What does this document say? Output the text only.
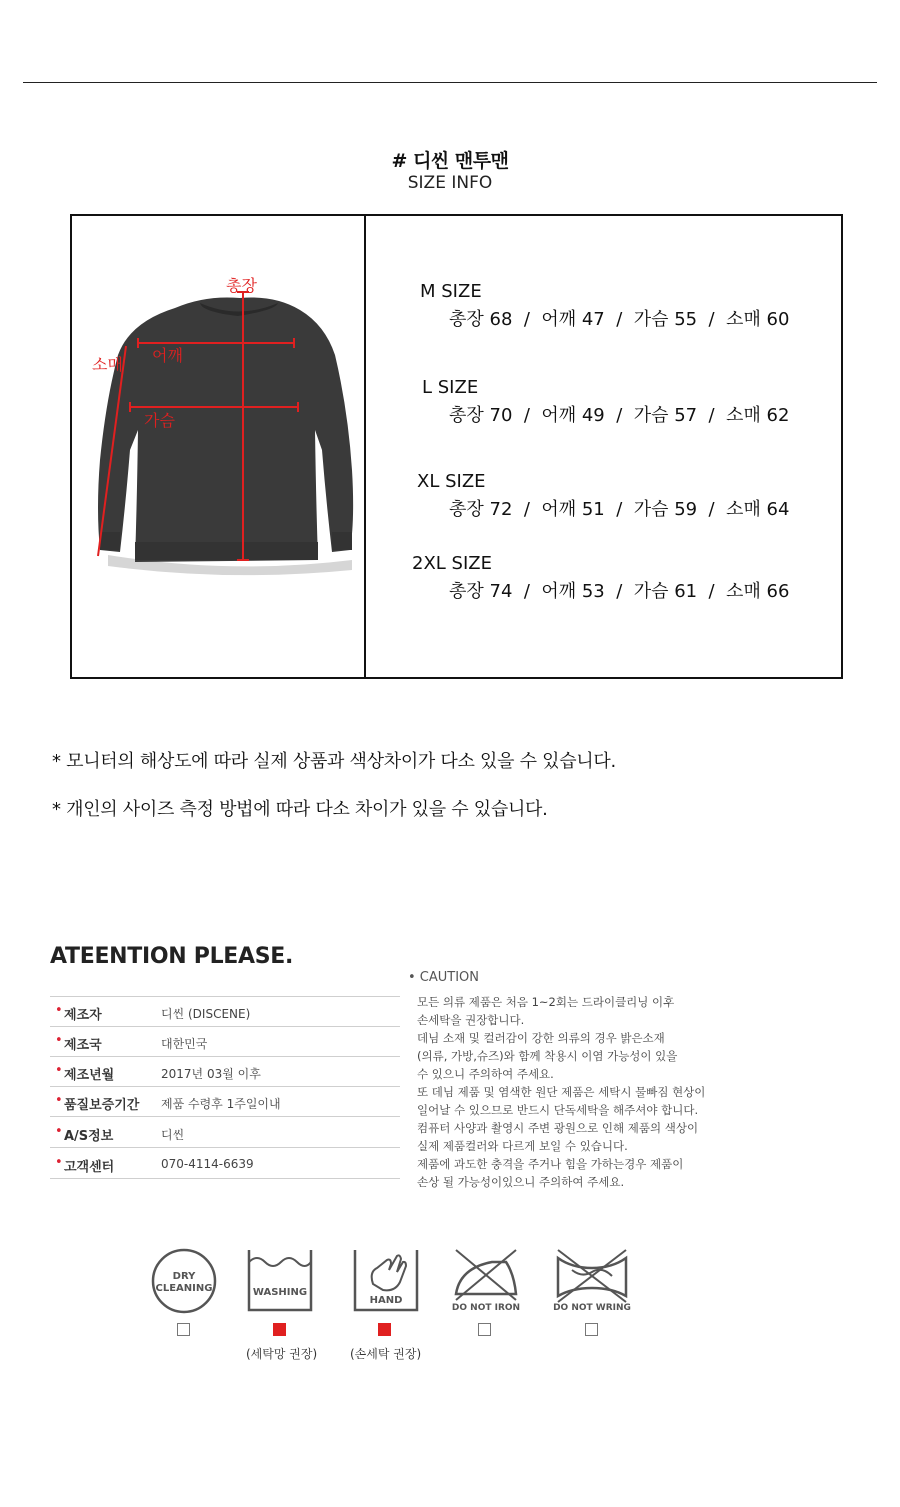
# 디씬 맨투맨
SIZE INFO
총장
소매 어깨
가슴
M SIZE
총장 68  /  어깨 47  /  가슴 55  /  소매 60
L SIZE
총장 70  /  어깨 49  /  가슴 57  /  소매 62
XL SIZE
총장 72  /  어깨 51  /  가슴 59  /  소매 64
2XL SIZE
총장 74  /  어깨 53  /  가슴 61  /  소매 66
* 모니터의 해상도에 따라 실제 상품과 색상차이가 다소 있을 수 있습니다.
* 개인의 사이즈 측정 방법에 따라 다소 차이가 있을 수 있습니다.
ATEENTION PLEASE.
• 제조자	디씬 (DISCENE)
• 제조국	대한민국
• 제조년월	2017년 03월 이후
• 품질보증기간 제품 수령후 1주일이내
• A/S정보	디씬
• 고객센터	070-4114-6639
• CAUTION
모든 의류 제품은 처음 1~2회는 드라이클리닝 이후
손세탁을 권장합니다.
데님 소재 및 컬러감이 강한 의류의 경우 밝은소재
(의류, 가방,슈즈)와 함께 착용시 이염 가능성이 있을
수 있으니 주의하여 주세요.
또 데님 제품 및 염색한 원단 제품은 세탁시 물빠짐 현상이
일어날 수 있으므로 반드시 단독세탁을 해주셔야 합니다.
컴퓨터 사양과 촬영시 주변 광원으로 인해 제품의 색상이
실제 제품컬러와 다르게 보일 수 있습니다.
제품에 과도한 충격을 주거나 힘을 가하는경우 제품이
손상 될 가능성이있으니 주의하여 주세요.
DRY
CLEANING	WASHING
(세탁망 권장)
HAND
(손세탁 권장)
DO NOT IRON	DO NOT WRING
